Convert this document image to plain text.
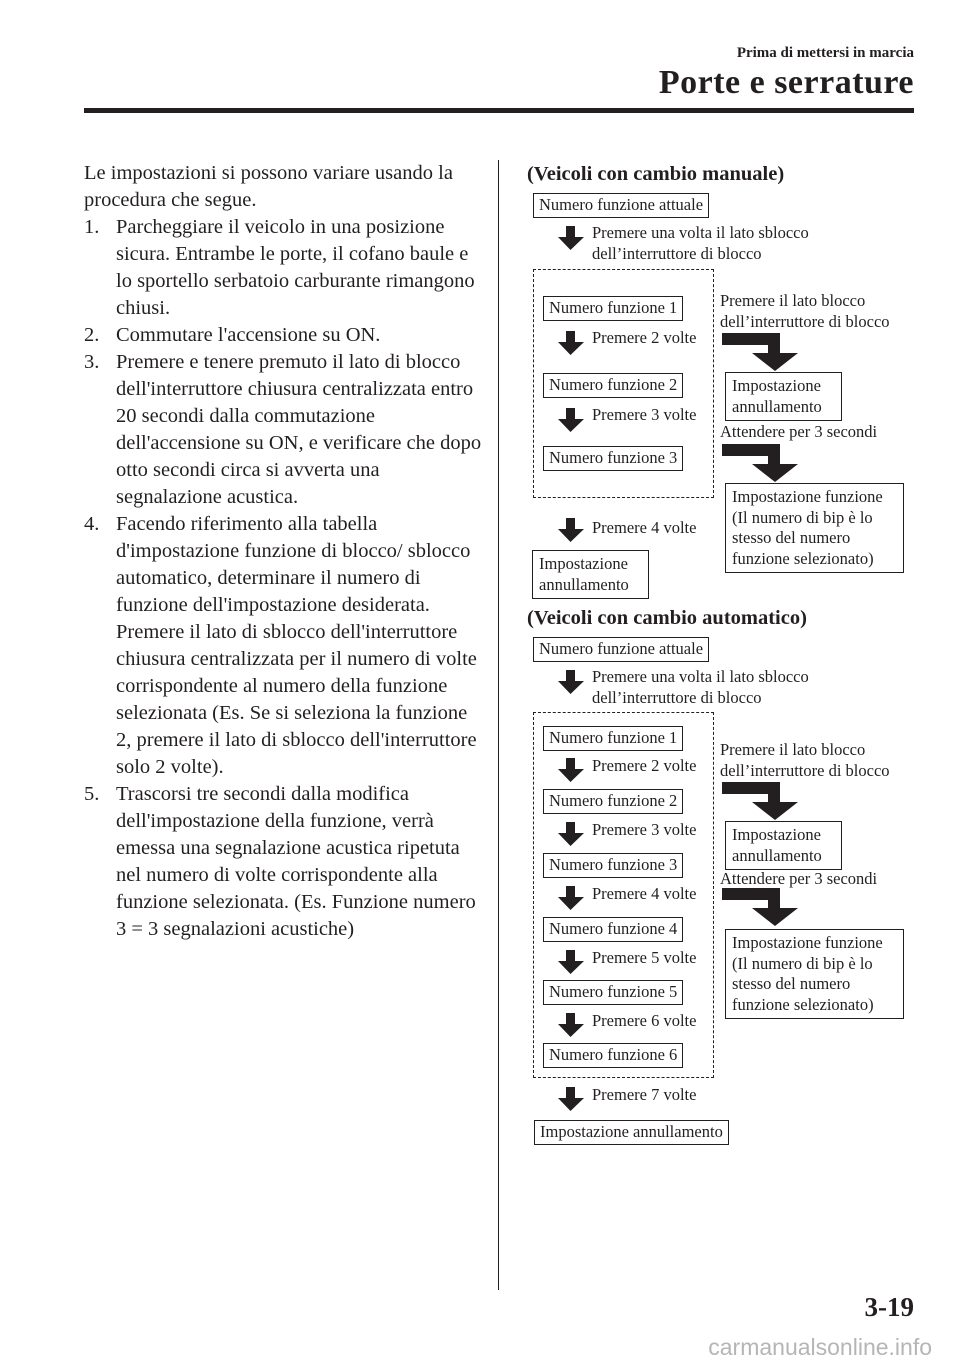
Prima di mettersi in marcia
Porte e serrature

Le impostazioni si possono variare usando la procedura che segue.

1. Parcheggiare il veicolo in una posizione sicura. Entrambe le porte, il cofano baule e lo sportello serbatoio carburante rimangono chiusi.
2. Commutare l'accensione su ON.
3. Premere e tenere premuto il lato di blocco dell'interruttore chiusura centralizzata entro 20 secondi dalla commutazione dell'accensione su ON, e verificare che dopo otto secondi circa si avverta una segnalazione acustica.
4. Facendo riferimento alla tabella d'impostazione funzione di blocco/ sblocco automatico, determinare il numero di funzione dell'impostazione desiderata. Premere il lato di sblocco dell'interruttore chiusura centralizzata per il numero di volte corrispondente al numero della funzione selezionata (Es. Se si seleziona la funzione 2, premere il lato di sblocco dell'interruttore solo 2 volte).
5. Trascorsi tre secondi dalla modifica dell'impostazione della funzione, verrà emessa una segnalazione acustica ripetuta nel numero di volte corrispondente alla funzione selezionata. (Es. Funzione numero 3 = 3 segnalazioni acustiche)
(Veicoli con cambio manuale)
Numero funzione attuale
Premere una volta il lato sblocco dell’interruttore di blocco
Numero funzione 1
Premere 2 volte
Numero funzione 2
Premere 3 volte
Numero funzione 3
Premere 4 volte
Impostazione annullamento
Premere il lato blocco dell’interruttore di blocco
Impostazione annullamento
Attendere per 3 secondi
Impostazione funzione (Il numero di bip è lo stesso del numero funzione selezionato)
(Veicoli con cambio automatico)
Numero funzione attuale
Premere una volta il lato sblocco dell’interruttore di blocco
Numero funzione 1
Premere 2 volte
Numero funzione 2
Premere 3 volte
Numero funzione 3
Premere 4 volte
Numero funzione 4
Premere 5 volte
Numero funzione 5
Premere 6 volte
Numero funzione 6
Premere 7 volte
Impostazione annullamento
Premere il lato blocco dell’interruttore di blocco
Impostazione annullamento
Attendere per 3 secondi
Impostazione funzione (Il numero di bip è lo stesso del numero funzione selezionato)
3-19
carmanualsonline.info
